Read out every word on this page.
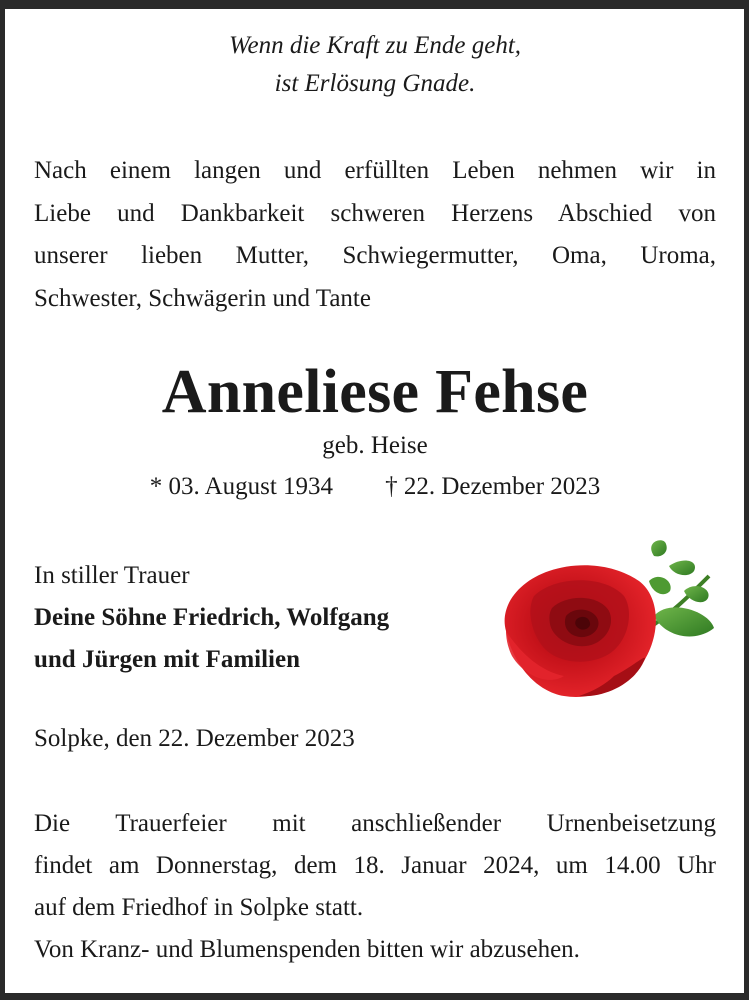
Wenn die Kraft zu Ende geht,
ist Erlösung Gnade.
Nach einem langen und erfüllten Leben nehmen wir in
Liebe und Dankbarkeit schweren Herzens Abschied von
unserer lieben Mutter, Schwiegermutter, Oma, Uroma,
Schwester, Schwägerin und Tante
Anneliese Fehse
geb. Heise
* 03. August 1934 † 22. Dezember 2023
In stiller Trauer
Deine Söhne Friedrich, Wolfgang
und Jürgen mit Familien
Solpke, den 22. Dezember 2023
Die Trauerfeier mit anschließender Urnenbeisetzung
findet am Donnerstag, dem 18. Januar 2024, um 14.00 Uhr
auf dem Friedhof in Solpke statt.
Von Kranz- und Blumenspenden bitten wir abzusehen.
